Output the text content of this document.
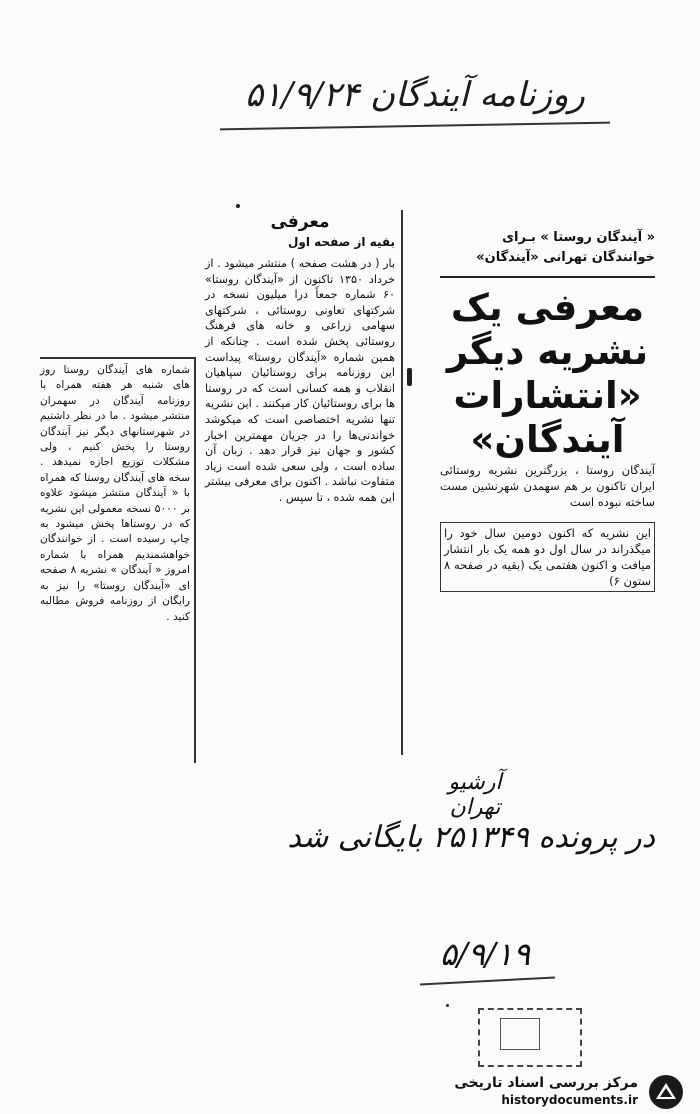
روزنامه آیندگان ۵۱/۹/۲۴

« آیندگان روستا » بـرای

خوانندگان تهرانی «آیندگان»

معرفی یک نشریه دیگر «انتشارات آیندگان»

آیندگان روستا ، بزرگترین نشریه روستائی ایران تاکنون بر هم سهمدن شهرنشین مست ساخته نبوده است

این نشریه که اکنون دومین سال خود را میگذراند در سال اول دو همه یک بار انتشار میافت و اکنون هفتمی یک (بقیه در صفحه ۸ ستون ۶)

معرفی

بقیه از صفحه اول

بار ( در هشت صفحه ) منتشر میشود . از خرداد ۱۳۵۰ تاکنون از «آیندگان روستا» ۶۰ شماره جمعاً درا میلیون نسخه در شرکتهای تعاونی روستائی ، شرکتهای سهامی زراعی و خانه های فرهنگ روستائی پخش شده است . چنانکه از همین شماره «آیندگان روستا» پیداست این روزنامه برای روستائیان سپاهیان انقلاب و همه کسانی است که در روستا ها برای روستائیان کار میکنند . این نشریه تنها نشریه اختصاصی است که میکوشد خواندنی‌ها را در جریان مهمترین اخبار کشور و جهان نیز قرار دهد . زبان آن ساده است ، ولی سعی شده است زیاد متفاوت نباشد . اکنون برای معرفی بیشتر این همه شده ، تا سپس .

شماره های آیندگان روستا روز های شنبه هر هفته همراه با روزنامه آیندگان در سهمران منتشر میشود . ما در نظر داشتیم در شهرستانهای دیگر نیز آیندگان روستا را پخش کنیم ، ولی مشکلات توزیع اجازه نمیدهد . سخه های آیندگان روستا که همراه با « آیندگان منتشر میشود علاوه بر ۵۰۰۰ نسخه معمولی این نشریه که در روستاها پخش میشود به چاپ رسیده است . از خوانندگان خواهشمندیم همراه با شماره امروز « آیندگان » نشریه ۸ صفحه ای «آیندگان روستا» را نیز به رایگان از روزنامه فروش مطالبه کنید .

آرشیو تهران
در پرونده ۲۵۱۳۴۹ بایگانی شد
۵/۹/۱۹
مرکز بررسی اسناد تاریخی
historydocuments.ir
